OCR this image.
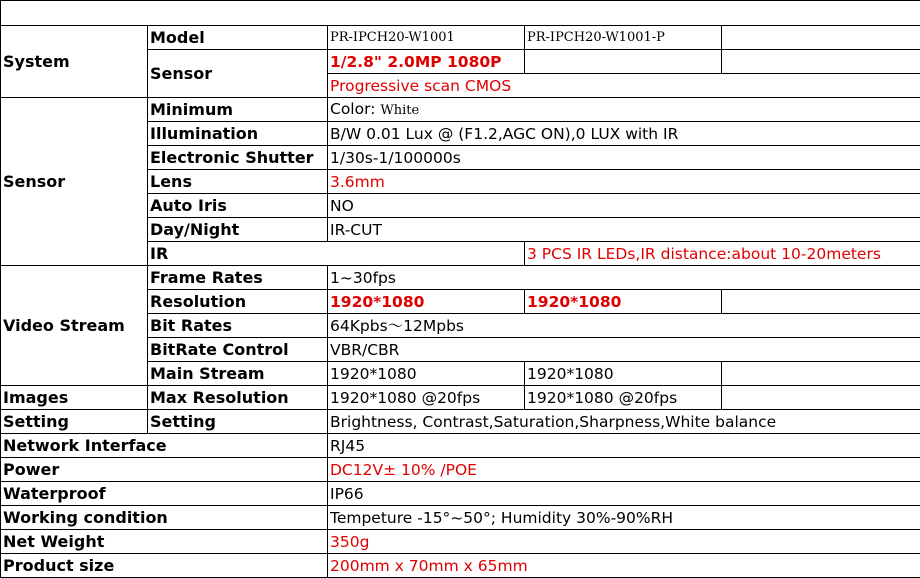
System	Model	PR-IPCH20-W1001	PR-IPCH20-W1001-P	
	Sensor	1/2.8" 2.0MP 1080P		
		Progressive scan CMOS		
Sensor	Minimum	Color: White		
	Illumination	B/W 0.01 Lux @ (F1.2,AGC ON),0 LUX with IR		
	Electronic Shutter	1/30s-1/100000s		
	Lens	3.6mm		
	Auto Iris	NO		
	Day/Night	IR-CUT		
	IR		3 PCS IR LEDs,IR distance:about 10-20meters	
Video Stream	Frame Rates	1~30fps		
	Resolution	1920*1080	1920*1080	
	Bit Rates	64Kpbs～12Mpbs		
	BitRate Control	VBR/CBR		
	Main Stream	1920*1080	1920*1080	
Images	Max Resolution	1920*1080 @20fps	1920*1080 @20fps	
Setting	Setting	Brightness, Contrast,Saturation,Sharpness,White balance		
Network Interface		RJ45		
Power		DC12V± 10% /POE		
Waterproof		IP66		
Working condition		Tempeture -15°~50°; Humidity 30%-90%RH		
Net Weight		350g		
Product size		200mm x 70mm x 65mm		
